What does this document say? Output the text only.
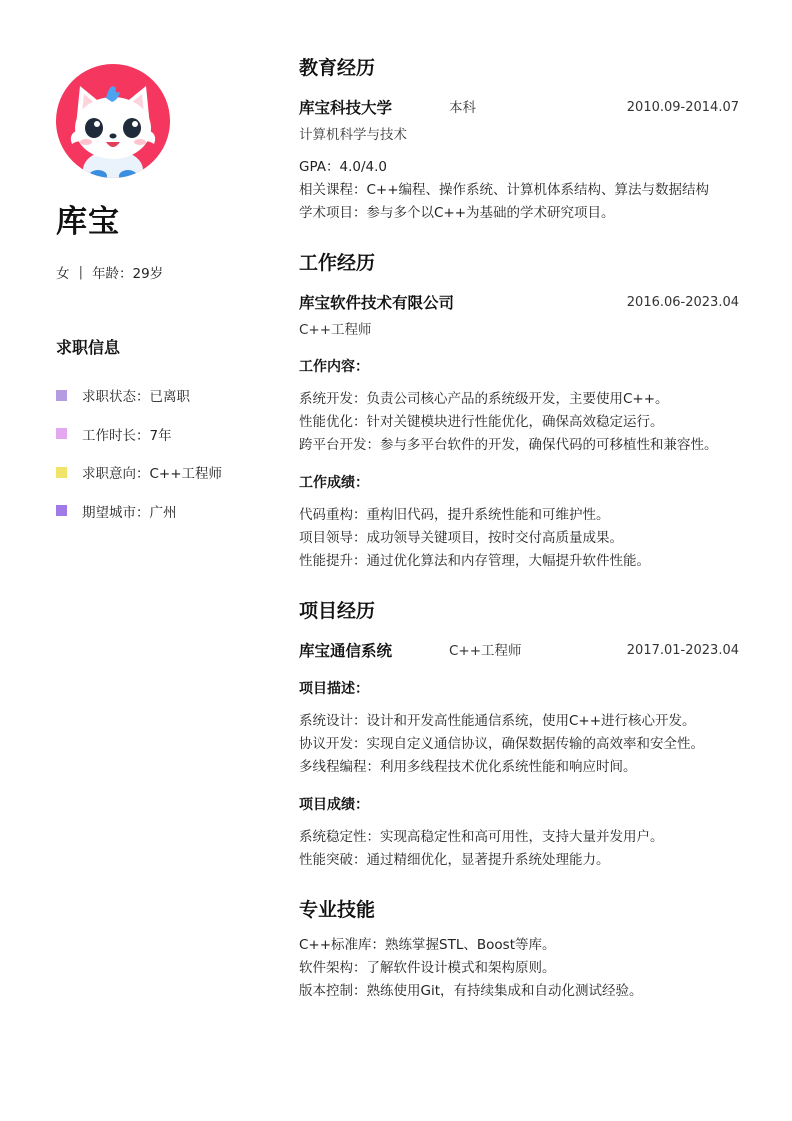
库宝
女 | 年龄：29岁
求职信息
求职状态：已离职
工作时长：7年
求职意向：C++工程师
期望城市：广州
教育经历
库宝科技大学	本科	2010.09-2014.07
计算机科学与技术
GPA：4.0/4.0
相关课程：C++编程、操作系统、计算机体系结构、算法与数据结构
学术项目：参与多个以C++为基础的学术研究项目。
工作经历
库宝软件技术有限公司	2016.06-2023.04
C++工程师
工作内容：
系统开发：负责公司核心产品的系统级开发，主要使用C++。
性能优化：针对关键模块进行性能优化，确保高效稳定运行。
跨平台开发：参与多平台软件的开发，确保代码的可移植性和兼容性。
工作成绩：
代码重构：重构旧代码，提升系统性能和可维护性。
项目领导：成功领导关键项目，按时交付高质量成果。
性能提升：通过优化算法和内存管理，大幅提升软件性能。
项目经历
库宝通信系统	C++工程师	2017.01-2023.04
项目描述：
系统设计：设计和开发高性能通信系统，使用C++进行核心开发。
协议开发：实现自定义通信协议，确保数据传输的高效率和安全性。
多线程编程：利用多线程技术优化系统性能和响应时间。
项目成绩：
系统稳定性：实现高稳定性和高可用性，支持大量并发用户。
性能突破：通过精细优化，显著提升系统处理能力。
专业技能
C++标准库：熟练掌握STL、Boost等库。
软件架构：了解软件设计模式和架构原则。
版本控制：熟练使用Git，有持续集成和自动化测试经验。
